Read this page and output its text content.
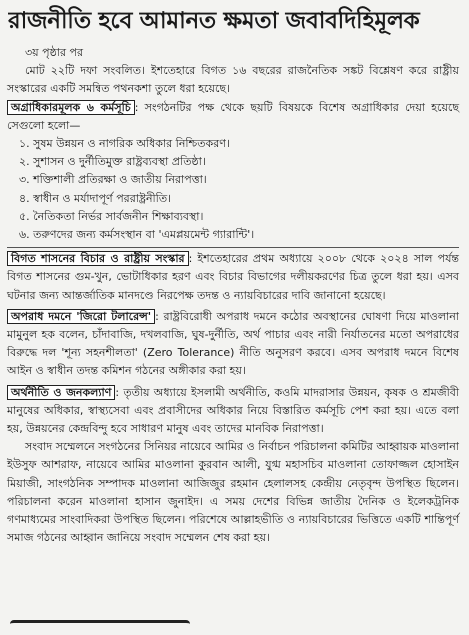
রাজনীতি হবে আমানত ক্ষমতা জবাবদিহিমূলক

৩য় পৃষ্ঠার পর

মোট ২২টি দফা সংবলিত। ইশতেহারে বিগত ১৬ বছরের রাজনৈতিক সঙ্কট বিশ্লেষণ করে রাষ্ট্রীয় সংস্কারের একটি সমন্বিত পথনকশা তুলে ধরা হয়েছে।

অগ্রাধিকারমূলক ৬ কর্মসূচি : সংগঠনটির পক্ষ থেকে ছয়টি বিষয়কে বিশেষ অগ্রাধিকার দেয়া হয়েছে সেগুলো হলো—

১. সুষম উন্নয়ন ও নাগরিক অধিকার নিশ্চিতকরণ।
২. সুশাসন ও দুর্নীতিমুক্ত রাষ্ট্রব্যবস্থা প্রতিষ্ঠা।
৩. শক্তিশালী প্রতিরক্ষা ও জাতীয় নিরাপত্তা।
৪. স্বাধীন ও মর্যাদাপূর্ণ পররাষ্ট্রনীতি।
৫. নৈতিকতা নির্ভর সার্বজনীন শিক্ষাব্যবস্থা।
৬. তরুণদের জন্য কর্মসংস্থান বা 'এমপ্লয়মেন্ট গ্যারান্টি'।

বিগত শাসনের বিচার ও রাষ্ট্রীয় সংস্কার : ইশতেহারের প্রথম অধ্যায়ে ২০০৮ থেকে ২০২৪ সাল পর্যন্ত বিগত শাসনের গুম-খুন, ভোটাধিকার হরণ এবং বিচার বিভাগের দলীয়করণের চিত্র তুলে ধরা হয়। এসব ঘটনার জন্য আন্তর্জাতিক মানদণ্ডে নিরপেক্ষ তদন্ত ও ন্যায়বিচারের দাবি জানানো হয়েছে।

অপরাধ দমনে 'জিরো টলারেন্স' : রাষ্ট্রবিরোধী অপরাধ দমনে কঠোর অবস্থানের ঘোষণা দিয়ে মাওলানা মামুনুল হক বলেন, চাঁদাবাজি, দখলবাজি, ঘুষ-দুর্নীতি, অর্থ পাচার এবং নারী নির্যাতনের মতো অপরাধের বিরুদ্ধে দল 'শূন্য সহনশীলতা' (Zero Tolerance) নীতি অনুসরণ করবে। এসব অপরাধ দমনে বিশেষ আইন ও স্বাধীন তদন্ত কমিশন গঠনের অঙ্গীকার করা হয়।

অর্থনীতি ও জনকল্যাণ : তৃতীয় অধ্যায়ে ইসলামী অর্থনীতি, কওমি মাদরাসার উন্নয়ন, কৃষক ও শ্রমজীবী মানুষের অধিকার, স্বাস্থ্যসেবা এবং প্রবাসীদের অধিকার নিয়ে বিস্তারিত কর্মসূচি পেশ করা হয়। এতে বলা হয়, উন্নয়নের কেন্দ্রবিন্দু হবে সাধারণ মানুষ এবং তাদের মানবিক নিরাপত্তা।

সংবাদ সম্মেলনে সংগঠনের সিনিয়র নায়েবে আমির ও নির্বাচন পরিচালনা কমিটির আহ্বায়ক মাওলানা ইউসুফ আশরাফ, নায়েবে আমির মাওলানা কুরবান আলী, যুগ্ম মহাসচিব মাওলানা তোফাজ্জল হোসাইন মিয়াজী, সাংগঠনিক সম্পাদক মাওলানা আজিজুর রহমান হেলালসহ কেন্দ্রীয় নেতৃবৃন্দ উপস্থিত ছিলেন। পরিচালনা করেন মাওলানা হাসান জুনাইদ। এ সময় দেশের বিভিন্ন জাতীয় দৈনিক ও ইলেকট্রনিক গণমাধ্যমের সাংবাদিকরা উপস্থিত ছিলেন। পরিশেষে আল্লাহভীতি ও ন্যায়বিচারের ভিত্তিতে একটি শান্তিপূর্ণ সমাজ গঠনের আহ্বান জানিয়ে সংবাদ সম্মেলন শেষ করা হয়।
